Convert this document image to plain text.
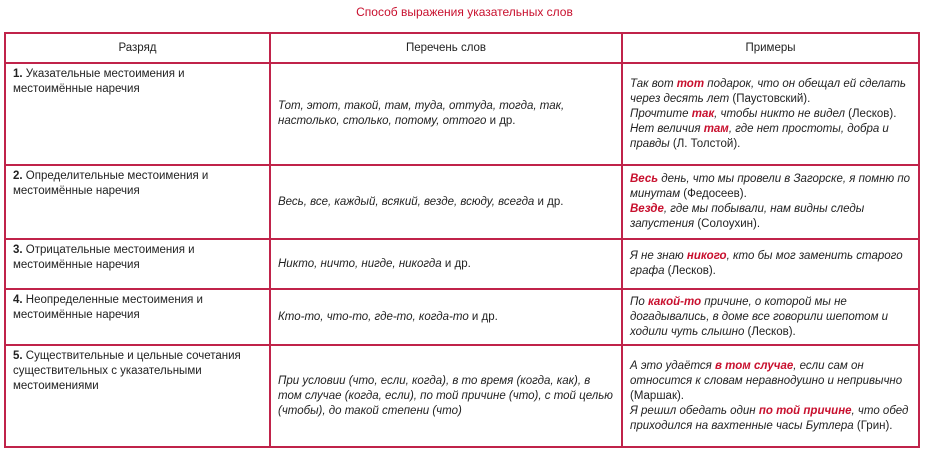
Способ выражения указательных слов
Разряд	Перечень слов	Примеры
1. Указательные местоимения и местоимённые наречия	Тот, этот, такой, там, туда, оттуда, тогда, так, настолько, столько, потому, оттого и др.	Так вот тот подарок, что он обещал ей сделать через десять лет (Паустовский).
Прочтите так, чтобы никто не видел (Лесков).
Нет величия там, где нет простоты, добра и правды (Л. Толстой).

2. Определительные местоимения и местоимённые наречия	Весь, все, каждый, всякий, везде, всюду, всегда и др.	Весь день, что мы провели в Загорске, я помню по минутам (Федосеев).
Везде, где мы побывали, нам видны следы запустения (Солоухин).

3. Отрицательные местоимения и местоимённые наречия	Никто, ничто, нигде, никогда и др.	Я не знаю никого, кто бы мог заменить старого графа (Лесков).

4. Неопределенные местоимения и местоимённые наречия	Кто-то, что-то, где-то, когда-то и др.	По какой-то причине, о которой мы не догадывались, в доме все говорили шепотом и ходили чуть слышно (Лесков).

5. Существительные и цельные сочетания существительных с указательными местоимениями	При условии (что, если, когда), в то время (когда, как), в том случае (когда, если), по той причине (что), с той целью (чтобы), до такой степени (что)	А это удаётся в том случае, если сам он относится к словам неравнодушно и непривычно (Маршак).
Я решил обедать один по той причине, что обед приходился на вахтенные часы Бутлера (Грин).
